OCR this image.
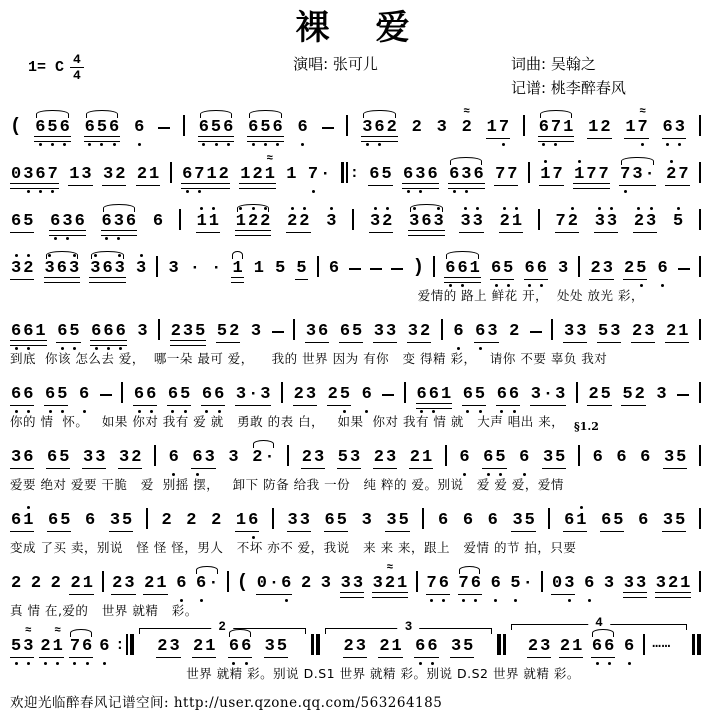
裸　爱
1= C 4
4
演唱: 张可儿	词曲: 吴翰之
记谱: 桃李醉春风
( 6 5 6 6 5 6 6	6 5 6 6 5 6 6	3 6 2 2 3 ≈ 2 1 7 6 7 1 1 2 1 ≈ 7 6 3
0 3 6 7 1 3 3 2 2 1 6 7 1 2 1 2 ≈ 1 1 7 · : 6 5 6 3 6 6 3 6 7 7 1 7 1 7 7 7 3 · 2 7
6 5 6 3 6 6 3 6 6 1 1 1 2 2 2 2 3 3 2 3 6 3 3 3 2 1 7 2 3 3 2 3 5
3 2 3 6 3 3 6 3 3 3 · · 1 1 5 5 6	) 6 6 1 6 5 6 6 3 2 3 2 5 6
爱情的 路上 鲜花 开，  处处 放光 彩，
6 6 1 6 5 6 6 6 3 2 3 5 5 2 3	3 6 6 5 3 3 3 2 6 6 3 2	3 3 5 3 2 3 2 1
到底  你该 怎么去 爱，  哪一朵 最可 爱，    我的 世界 因为 有你   变 得精 彩，   请你 不要 辜负 我对
6 6 6 5 6	6 6 6 5 6 6 3 · 3 2 3 2 5 6	6 6 1 6 5 6 6 3 · 3 2 5 5 2 3
你的 情  怀。   如果 你对 我有 爱 就   勇敢 的表 白，   如果  你对 我有 情 就   大声 唱出 来，
3 6 6 5 3 3 3 2 6 6 3 3 2 · 2 3 5 3 2 3 2 1 6 6 5 6 3 5
§1.2
6 6 6 3 5
爱要 绝对 爱要 干脆   爱  别摇 摆，   卸下 防备 给我 一份   纯 粹的 爱。别说   爱 爱 爱，爱情
6 1 6 5 6 3 5 2 2 2 1 6 3 3 6 5 3 3 5 6 6 6 3 5 6 1 6 5 6 3 5
变成 了买 卖，别说   怪 怪 怪，男人   不坏 亦不 爱，我说   来 来 来，跟上   爱情 的节 拍，只要
2 2 2 2 1 2 3 2 1 6 6 · ( 0 · 6 2 3 3 3 3 ≈ 2 1 7 6 7 6 6 5 · 0 3 6 3 3 3 3 2 1
真 情 在,爱的   世界 就精   彩。
5 ≈ 3 2 ≈ 1 7 6 6 :
2
2 3 2 1 6 6 3 5
3
2 3 2 1 6 6 3 5
4
2 3 2 1 6 6 6 ……
世界 就精 彩。别说 D.S1 世界 就精 彩。别说 D.S2 世界 就精 彩。
欢迎光临醉春风记谱空间: http://user.qzone.qq.com/563264185
